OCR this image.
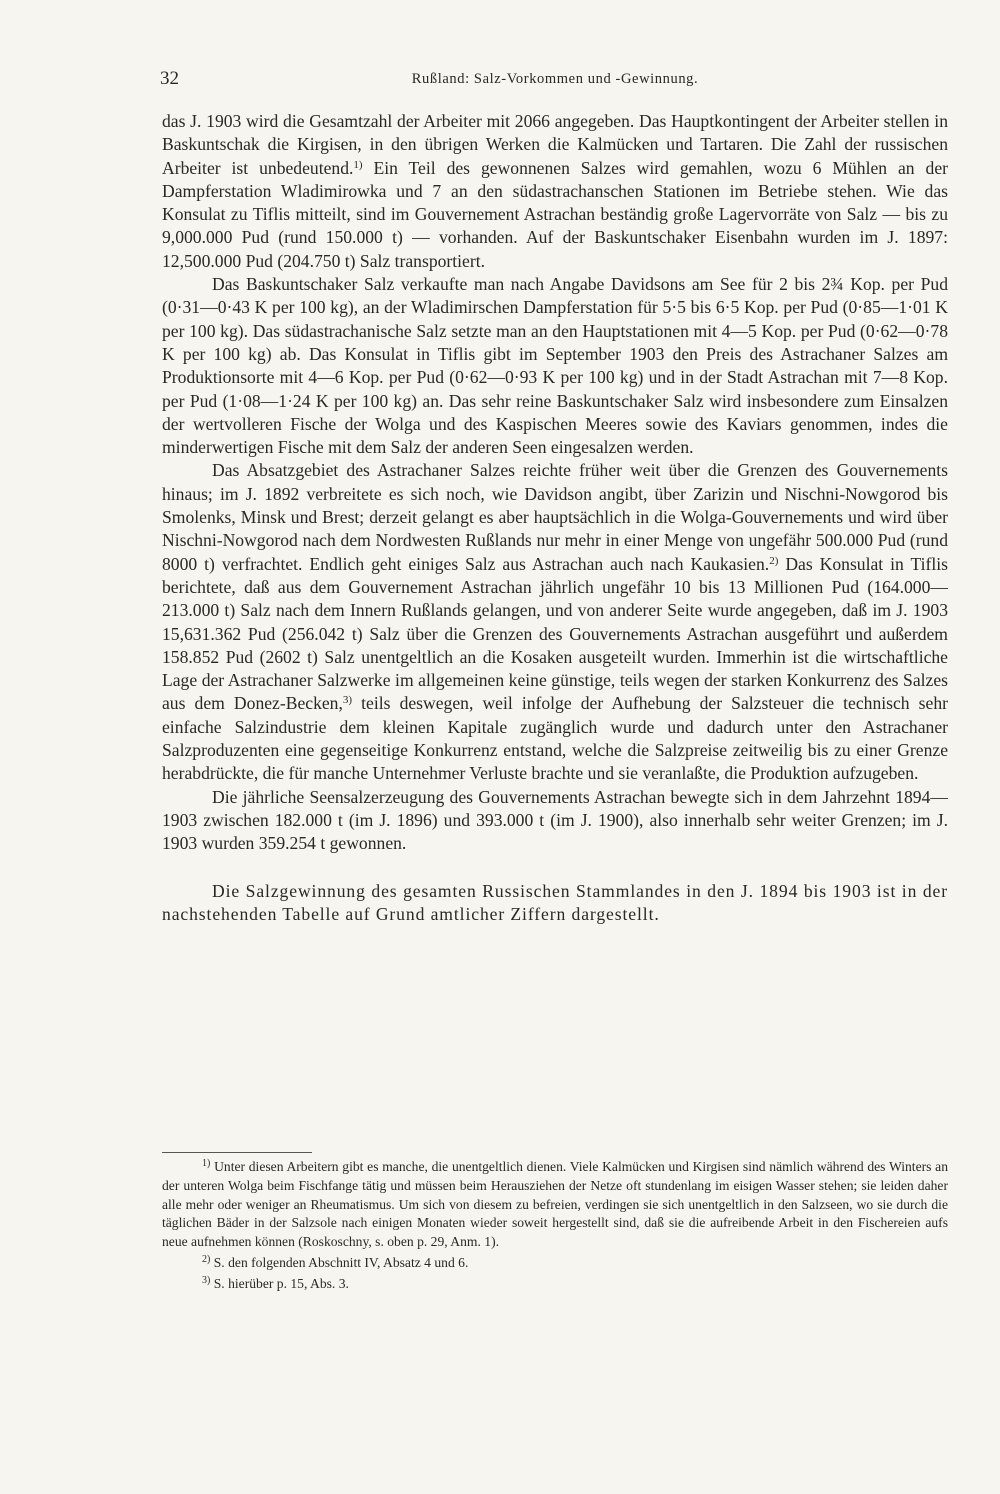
32	Rußland: Salz-Vorkommen und -Gewinnung.

das J. 1903 wird die Gesamtzahl der Arbeiter mit 2066 angegeben. Das Hauptkontingent der Arbeiter stellen in Baskuntschak die Kirgisen, in den übrigen Werken die Kalmücken und Tartaren. Die Zahl der russischen Arbeiter ist unbedeutend.$^{1)}$ Ein Teil des gewonnenen Salzes wird gemahlen, wozu 6 Mühlen an der Dampferstation Wladimirowka und 7 an den südastrachanschen Stationen im Betriebe stehen. Wie das Konsulat zu Tiflis mitteilt, sind im Gouvernement Astrachan beständig große Lagervorräte von Salz — bis zu 9,000.000 Pud (rund 150.000 t) — vorhanden. Auf der Baskuntschaker Eisenbahn wurden im J. 1897: 12,500.000 Pud (204.750 t) Salz transportiert.

Das Baskuntschaker Salz verkaufte man nach Angabe Davidsons am See für 2 bis 2¾ Kop. per Pud (0·31—0·43 K per 100 kg), an der Wladimirschen Dampferstation für 5·5 bis 6·5 Kop. per Pud (0·85—1·01 K per 100 kg). Das südastrachanische Salz setzte man an den Hauptstationen mit 4—5 Kop. per Pud (0·62—0·78 K per 100 kg) ab. Das Konsulat in Tiflis gibt im September 1903 den Preis des Astrachaner Salzes am Produktionsorte mit 4—6 Kop. per Pud (0·62—0·93 K per 100 kg) und in der Stadt Astrachan mit 7—8 Kop. per Pud (1·08—1·24 K per 100 kg) an. Das sehr reine Baskuntschaker Salz wird insbesondere zum Einsalzen der wertvolleren Fische der Wolga und des Kaspischen Meeres sowie des Kaviars genommen, indes die minderwertigen Fische mit dem Salz der anderen Seen eingesalzen werden.

Das Absatzgebiet des Astrachaner Salzes reichte früher weit über die Grenzen des Gouvernements hinaus; im J. 1892 verbreitete es sich noch, wie Davidson angibt, über Zarizin und Nischni-Nowgorod bis Smolenks, Minsk und Brest; derzeit gelangt es aber hauptsächlich in die Wolga-Gouvernements und wird über Nischni-Nowgorod nach dem Nordwesten Rußlands nur mehr in einer Menge von ungefähr 500.000 Pud (rund 8000 t) verfrachtet. Endlich geht einiges Salz aus Astrachan auch nach Kaukasien.$^{2)}$ Das Konsulat in Tiflis berichtete, daß aus dem Gouvernement Astrachan jährlich ungefähr 10 bis 13 Millionen Pud (164.000—213.000 t) Salz nach dem Innern Rußlands gelangen, und von anderer Seite wurde angegeben, daß im J. 1903 15,631.362 Pud (256.042 t) Salz über die Grenzen des Gouvernements Astrachan ausgeführt und außerdem 158.852 Pud (2602 t) Salz unentgeltlich an die Kosaken ausgeteilt wurden. Immerhin ist die wirtschaftliche Lage der Astrachaner Salzwerke im allgemeinen keine günstige, teils wegen der starken Konkurrenz des Salzes aus dem Donez-Becken,$^{3)}$ teils deswegen, weil infolge der Aufhebung der Salzsteuer die technisch sehr einfache Salzindustrie dem kleinen Kapitale zugänglich wurde und dadurch unter den Astrachaner Salzproduzenten eine gegenseitige Konkurrenz entstand, welche die Salzpreise zeitweilig bis zu einer Grenze herabdrückte, die für manche Unternehmer Verluste brachte und sie veranlaßte, die Produktion aufzugeben.

Die jährliche Seensalzerzeugung des Gouvernements Astrachan bewegte sich in dem Jahrzehnt 1894—1903 zwischen 182.000 t (im J. 1896) und 393.000 t (im J. 1900), also innerhalb sehr weiter Grenzen; im J. 1903 wurden 359.254 t gewonnen.

Die Salzgewinnung des gesamten Russischen Stammlandes in den J. 1894 bis 1903 ist in der nachstehenden Tabelle auf Grund amtlicher Ziffern dargestellt.

$^{1)}$ Unter diesen Arbeitern gibt es manche, die unentgeltlich dienen. Viele Kalmücken und Kirgisen sind nämlich während des Winters an der unteren Wolga beim Fischfange tätig und müssen beim Herausziehen der Netze oft stundenlang im eisigen Wasser stehen; sie leiden daher alle mehr oder weniger an Rheumatismus. Um sich von diesem zu befreien, verdingen sie sich unentgeltlich in den Salzseen, wo sie durch die täglichen Bäder in der Salzsole nach einigen Monaten wieder soweit hergestellt sind, daß sie die aufreibende Arbeit in den Fischereien aufs neue aufnehmen können (Roskoschny, s. oben p. 29, Anm. 1).

$^{2)}$ S. den folgenden Abschnitt IV, Absatz 4 und 6.

$^{3)}$ S. hierüber p. 15, Abs. 3.
